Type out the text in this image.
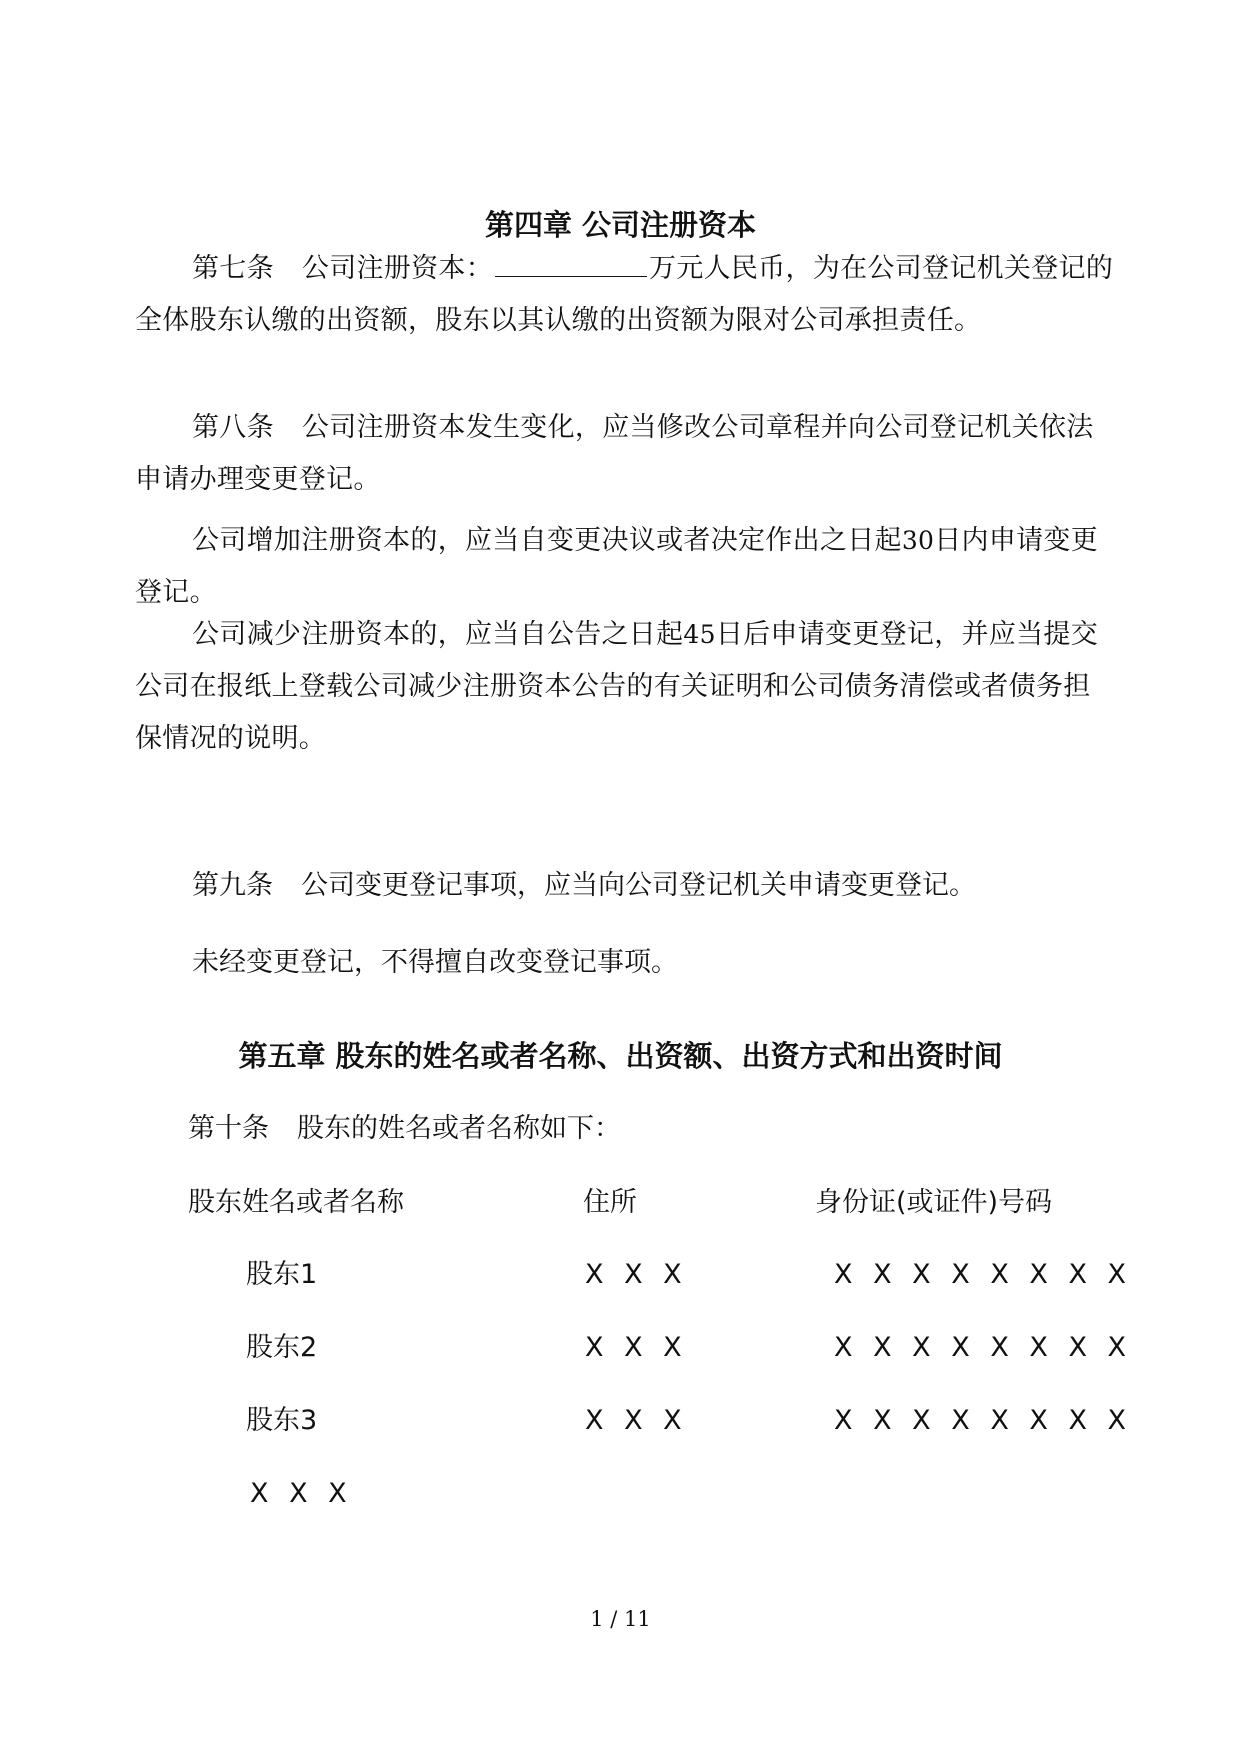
第四章 公司注册资本
第七条 公司注册资本：	万元人民币，为在公司登记机关登记的全体股东认缴的出资额，股东以其认缴的出资额为限对公司承担责任。
第八条 公司注册资本发生变化，应当修改公司章程并向公司登记机关依法申请办理变更登记。
公司增加注册资本的，应当自变更决议或者决定作出之日起30日内申请变更登记。
公司减少注册资本的，应当自公告之日起45日后申请变更登记，并应当提交公司在报纸上登载公司减少注册资本公告的有关证明和公司债务清偿或者债务担保情况的说明。
第九条 公司变更登记事项，应当向公司登记机关申请变更登记。
未经变更登记，不得擅自改变登记事项。
第五章 股东的姓名或者名称、出资额、出资方式和出资时间
第十条 股东的姓名或者名称如下：
股东姓名或者名称	住所	身份证(或证件)号码
股东1	X X X	X X X X X X X X
股东2	X X X	X X X X X X X X
股东3	X X X	X X X X X X X X
X X X
1 / 11
